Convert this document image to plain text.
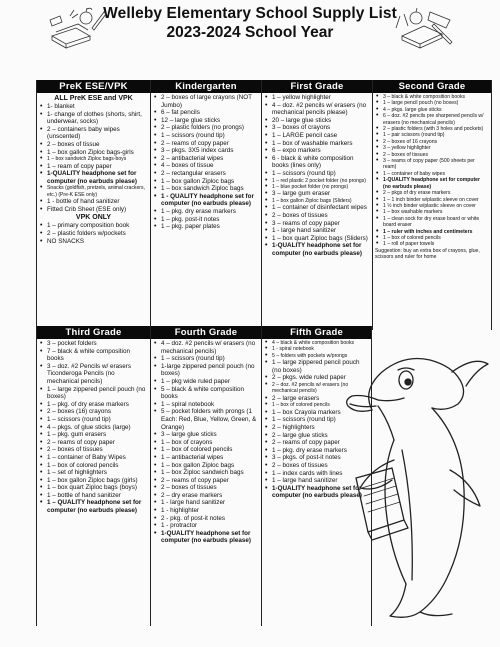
Welleby Elementary School Supply List
2023-2024 School Year
PreK ESE/VPK
ALL PreK ESE and VPK
• 1- blanket
• 1- change of clothes (shorts, shirt, underwear, socks)
• 2 – containers baby wipes (unscented)
• 2 – boxes of tissue
• 1 – box gallon Ziploc bags-girls
• 1 – box sandwich Ziploc bags-boys
• 1 – ream of copy paper
• 1-QUALITY headphone set for computer (no earbuds please)
• Snacks (goldfish, pretzels, animal crackers, etc.) (Pre-K ESE only)
• 1 - bottle of hand sanitizer
• Fitted Crib Sheet (ESE only)
VPK ONLY
• 1 – primary composition book
• 2 – plastic folders w/pockets
• NO SNACKS
Kindergarten
• 2 – boxes of large crayons (NOT Jumbo)
• 6 – fat pencils
• 12 – large glue sticks
• 2 – plastic folders (no prongs)
• 1 – scissors (round tip)
• 2 – reams of copy paper
• 3 – pkgs. 3X5 index cards
• 2 – antibacterial wipes
• 4 – boxes of tissue
• 2 – rectangular erasers
• 1 – box gallon Ziploc bags
• 1 – box sandwich Ziploc bags
• 1 - QUALITY headphone set for computer (no earbuds please)
• 1 – pkg. dry erase markers
• 1 – pkg. post-it notes
• 1 – pkg. paper plates
First Grade
• 1 – yellow highlighter
• 4 – doz. #2 pencils w/ erasers (no mechanical pencils please)
• 20 – large glue sticks
• 3 – boxes of crayons
• 1 – LARGE pencil case
• 1 – box of washable markers
• 6 – expo markers
• 6 - black & white composition books (lines only)
• 1 – scissors (round tip)
• 1 – red plastic 2 pocket folder (no prongs)
• 1 – blue pocket folder (no prongs)
• 3 – large gum eraser
• 1 – box gallon Ziploc bags (Sliders)
• 1 – container of disinfectant wipes
• 2 – boxes of tissues
• 3 – reams of copy paper
• 1 - large hand sanitizer
• 1 – box quart Ziploc bags (Sliders)
• 1-QUALITY headphone set for computer (no earbuds please)
Second Grade
• 3 – black & white composition books
• 1 – large pencil pouch (no boxes)
• 4 – pkgs. large glue sticks
• 6 – doz. #2 pencils pre sharpened pencils w/ erasers (no mechanical pencils)
• 2 – plastic folders (with 3 holes and pockets)
• 1 – pair scissors (round tip)
• 2 – boxes of 16 crayons
• 3 – yellow highlighter
• 2 – boxes of tissues
• 3 – reams of copy paper (500 sheets per ream)
• 1 – container of baby wipes
• 1-QUALITY headphone set for computer (no earbuds please)
• 2 – pkgs of dry erase markers
• 1 – 1 inch binder w/plastic sleeve on cover
• 1 ½ inch binder w/plastic sleeve on cover
• 1 – box washable markers
• 1 – clean sock for dry erase board or white board eraser
• 1 – ruler with inches and centimeters
• 1 – box of colored pencils
• 1 – roll of paper towels
Suggestion: buy an extra box of crayons, glue, scissors and ruler for home
Third Grade
• 3 – pocket folders
• 7 – black & white composition books
• 3 – doz. #2 Pencils w/ erasers Ticonderoga Pencils (no mechanical pencils)
• 1 – large zippered pencil pouch (no boxes)
• 1 – pkg. of dry erase markers
• 2 – boxes (16) crayons
• 1 – scissors (round tip)
• 4 – pkgs. of glue sticks (large)
• 1 – pkg. gum erasers
• 2 – reams of copy paper
• 2 – boxes of tissues
• 1 – container of Baby Wipes
• 1 – box of colored pencils
• 1 – set of highlighters
• 1 – box gallon Ziploc bags (girls)
• 1 – box quart Ziploc bags (boys)
• 1 – bottle of hand sanitizer
• 1 – QUALITY headphone set for computer (no earbuds please)
Fourth Grade
• 4 – doz. #2 pencils w/ erasers (no mechanical pencils)
• 1 – scissors (round tip)
• 1-large zippered pencil pouch (no boxes)
• 1 – pkg wide ruled paper
• 5 – black & white composition books
• 1 – spiral notebook
• 5 – pocket folders with prongs (1 Each: Red, Blue, Yellow, Green, & Orange)
• 3 – large glue sticks
• 1 – box of crayons
• 1 – box of colored pencils
• 1 – antibacterial wipes
• 1 – box gallon Ziploc bags
• 1 – box Ziploc sandwich bags
• 2 – reams of copy paper
• 2 – boxes of tissues
• 2 – dry erase markers
• 1 - large hand sanitizer
• 1 - highlighter
• 2 - pkg. of post-it notes
• 1 - protractor
• 1-QUALITY headphone set for computer (no earbuds please)
Fifth Grade
• 4 – black & white composition books
• 1 - spiral notebook
• 5 – folders with pockets w/prongs
• 1 – large zippered pencil pouch (no boxes)
• 2 – pkgs. wide ruled paper
• 2 – doz. #2 pencils w/ erasers (no mechanical pencils)
• 2 – large erasers
• 1 – box of colored pencils
• 1 – box Crayola markers
• 1 – scissors (round tip)
• 2 – highlighters
• 2 – large glue sticks
• 2 – reams of copy paper
• 1 – pkg. dry erase markers
• 3 – pkgs. of post-it notes
• 2 – boxes of tissues
• 1 – index cards with lines
• 1 – large hand sanitizer
• 1-QUALITY headphone set for computer (no earbuds please)
